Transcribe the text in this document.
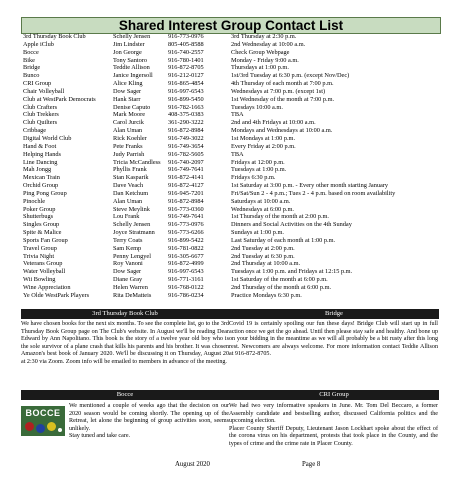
Shared Interest Group Contact List
3rd Thursday Book Club	Schelly Jensen	916-773-0976	3rd Thursday at 2:30 p.m.
Apple iClub	Jim Lindster	805-405-8588	2nd Wednesday at 10:00 a.m.
Bocce	Jon George	916-740-2557	Check Group Webpage
Bike	Tony Santoro	916-780-1401	Monday - Friday 9:00 a.m.
Bridge	Teddie Allison	916-872-8705	Thursdays at 1:00 p.m.
Bunco	Janice Ingersoll	916-212-0127	1st/3rd Tuesday at 6:30 p.m. (except Nov/Dec)
CRI Group	Alice Kling	916-865-4854	4th Thursday of each month at 7:00 p.m.
Chair Volleyball	Dow Sager	916-997-6543	Wednesdays at 7:00 p.m. (except 1st)
Club at WestPark Democrats	Hank Starr	916-899-5450	1st Wednesday of the month at 7:00 p.m.
Club Crafters	Denise Caputo	916-782-1663	Tuesdays 10:00 a.m.
Club Trekkers	Mark Moore	408-375-0383	TBA
Club Quilters	Carol Jurcik	361-290-3222	2nd and 4th Fridays at 10:00 a.m.
Cribbage	Alan Uman	916-872-8984	Mondays and Wednesdays at 10:00 a.m.
Digital World Club	Rick Koehler	916-749-3022	1st Mondays at 1:00 p.m.
Hand & Foot	Pete Franks	916-749-3654	Every Friday at 2:00 p.m.
Helping Hands	Judy Parrish	916-782-5605	TBA
Line Dancing	Tricia McCandless	916-740-2097	Fridays at 12:00 p.m.
Mah Jongg	Phyllis Frank	916-749-7641	Tuesdays at 1:00 p.m.
Mexican Train	Stan Kasparik	916-872-4141	Fridays 6:30 p.m.
Orchid Group	Dave Veach	916-872-4127	1st Saturday at 3:00 p.m. - Every other month starting January
Ping Pong Group	Dan Ketchum	916-945-7201	Fri/Sat/Sun 2 - 4 p.m.; Tues 2 - 4 p.m. based on room availability
Pinochle	Alan Uman	916-872-8984	Saturdays at 10:00 a.m.
Poker Group	Steve Meylink	916-773-0360	Wednesdays at 6:00 p.m.
Shutterbugs	Lou Frank	916-749-7641	1st Thursday of the month at 2:00 p.m.
Singles Group	Schelly Jensen	916-773-0976	Dinners and Social Activities on the 4th Sunday
Spite & Malice	Joyce Stratmann	916-773-6266	Sundays at 1:00 p.m.
Sports Fan Group	Terry Coats	916-899-5422	Last Saturday of each month at 1:00 p.m.
Travel Group	Sam Kemp	916-781-0822	2nd Tuesday at 2:00 p.m.
Trivia Night	Penny Lengyel	916-305-6677	2nd Tuesday at 6:30 p.m.
Veterans Group	Roy Vanoni	916-872-4999	2nd Thursday at 10:00 a.m.
Water Volleyball	Dow Sager	916-997-6543	Tuesdays at 1:00 p.m. and Fridays at 12:15 p.m.
Wii Bowling	Diane Gray	916-771-3161	1st Saturday of the month at 6:00 p.m.
Wine Appreciation	Helen Warren	916-768-0122	2nd Thursday of the month at 6:00 p.m.
Ye Olde WestPark Players	Rita DeMatteis	916-786-0234	Practice Mondays 6:30 p.m.
3rd Thursday Book Club

We have chosen books for the next six months. To see the complete list, go to the 3rd Thursday Book Group page on The Club's website. In August we'll be reading Dear Edward by Ann Napolitano. This book is the story of a twelve year old boy who is the sole survivor of a plane crash that kills his parents and his brother. It was chosen Amazon's best book of January 2020. We'll be discussing it on Thursday, August 20 at 2:30 via Zoom. Zoom info will be emailed to members in advance of the meeting.

Bridge

Covid 19 is certainly spoiling our fun these days! Bridge Club will start up in full action once we get the go ahead. Until then please stay safe and healthy. And bone up on your bidding in the meantime as we will all probably be a bit rusty after this long rest. Newcomers are always welcome. For more information contact Teddie Allison at 916-872-8705.

Bocce
BOCCE

We mentioned a couple of weeks ago that the decision on our 2020 season would be coming shortly. The opening up of the Retreat, let alone the beginning of group activities soon, seems unlikely.

Stay tuned and take care.

CRI Group

We had two very informative speakers in June. Mr. Tom Del Beccaro, a former Assembly candidate and bestselling author, discussed California politics and the upcoming election.

Placer County Sheriff Deputy, Lieutenant Jason Lockhart spoke about the effect of the corona virus on his department, protests that took place in the County, and the types of crime and the crime rate in Placer County.

August 2020	Page 8
